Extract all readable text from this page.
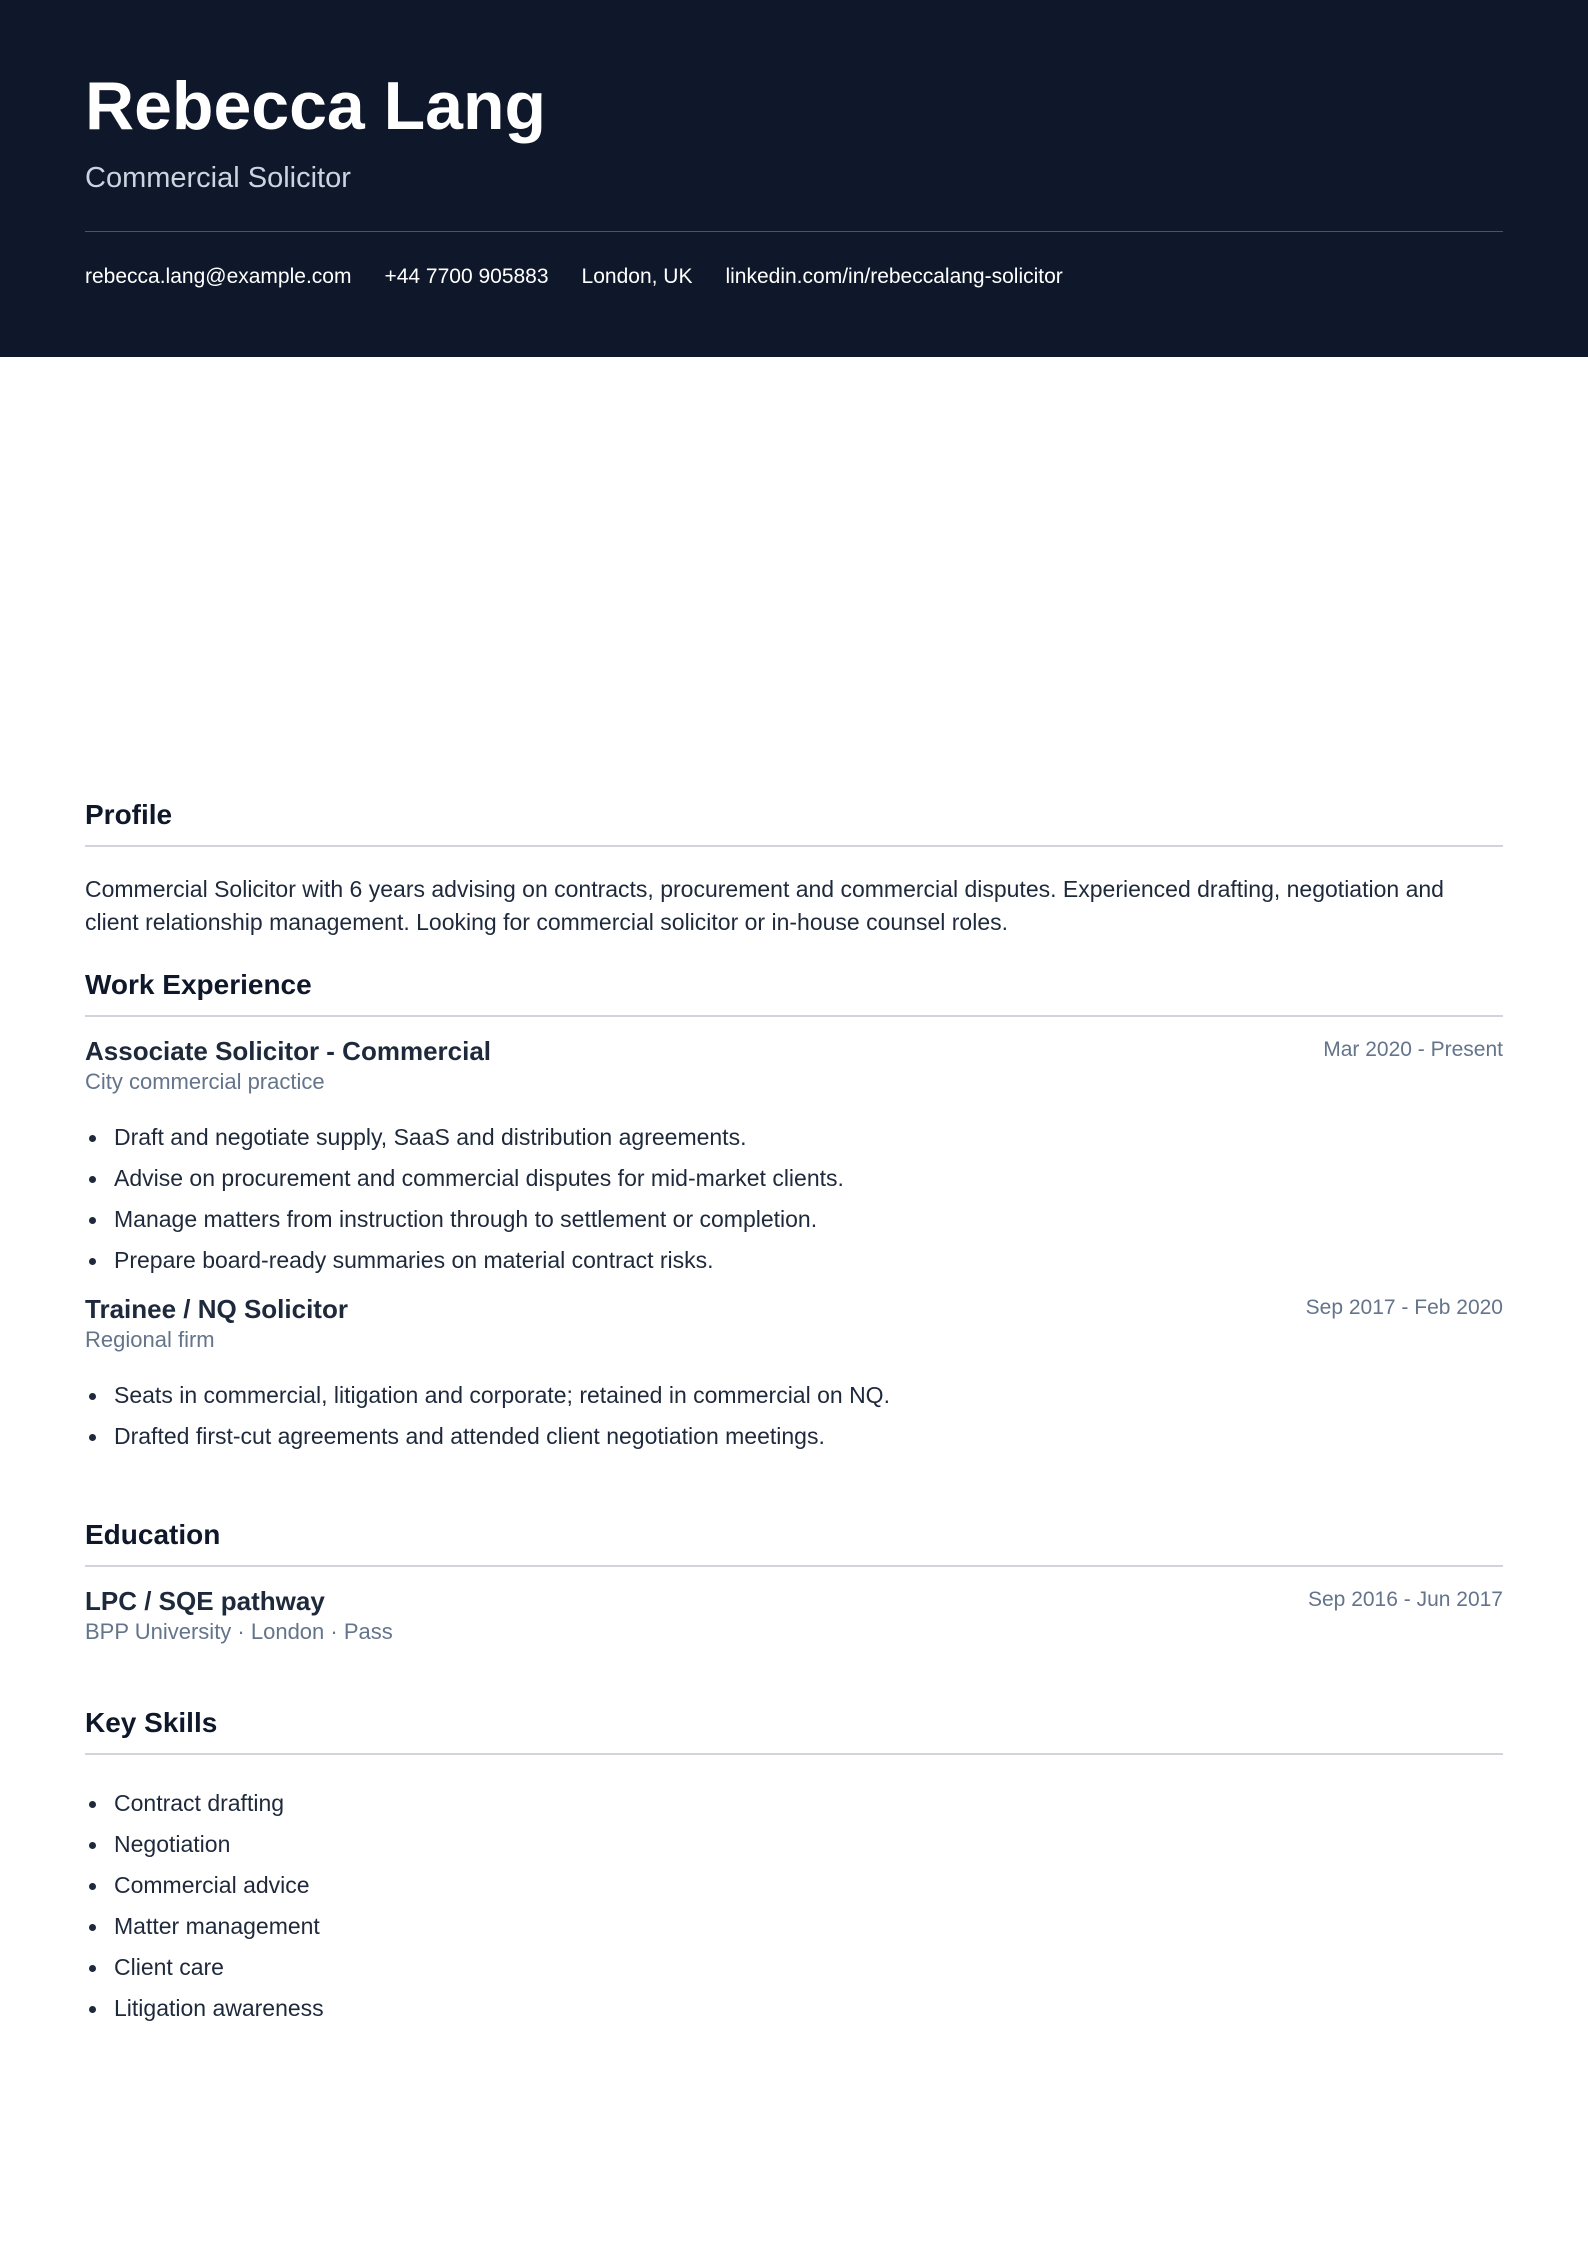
Rebecca Lang
Commercial Solicitor
rebecca.lang@example.com +44 7700 905883 London, UK linkedin.com/in/rebeccalang-solicitor
Profile
Commercial Solicitor with 6 years advising on contracts, procurement and commercial disputes. Experienced drafting, negotiation and client relationship management. Looking for commercial solicitor or in-house counsel roles.
Work Experience
Associate Solicitor - Commercial	Mar 2020 - Present
City commercial practice
Draft and negotiate supply, SaaS and distribution agreements.
Advise on procurement and commercial disputes for mid-market clients.
Manage matters from instruction through to settlement or completion.
Prepare board-ready summaries on material contract risks.
Trainee / NQ Solicitor	Sep 2017 - Feb 2020
Regional firm
Seats in commercial, litigation and corporate; retained in commercial on NQ.
Drafted first-cut agreements and attended client negotiation meetings.
Education
LPC / SQE pathway	Sep 2016 - Jun 2017
BPP University · London · Pass
Key Skills
Contract drafting
Negotiation
Commercial advice
Matter management
Client care
Litigation awareness
